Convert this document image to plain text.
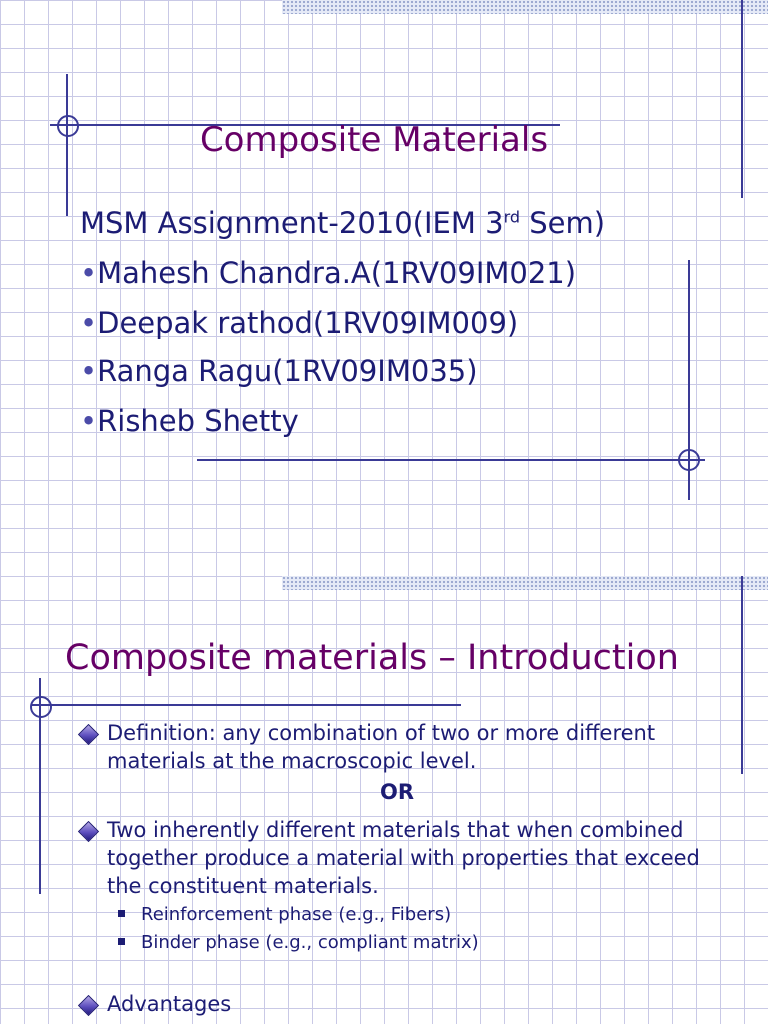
Composite Materials
MSM Assignment-2010(IEM 3rd Sem)
•Mahesh Chandra.A(1RV09IM021)
•Deepak rathod(1RV09IM009)
•Ranga Ragu(1RV09IM035)
•Risheb Shetty
Composite materials – Introduction
Definition: any combination of two or more different materials at the macroscopic level.
OR
Two inherently different materials that when combined together produce a material with properties that exceed the constituent materials.
Reinforcement phase (e.g., Fibers)
Binder phase (e.g., compliant matrix)
Advantages
